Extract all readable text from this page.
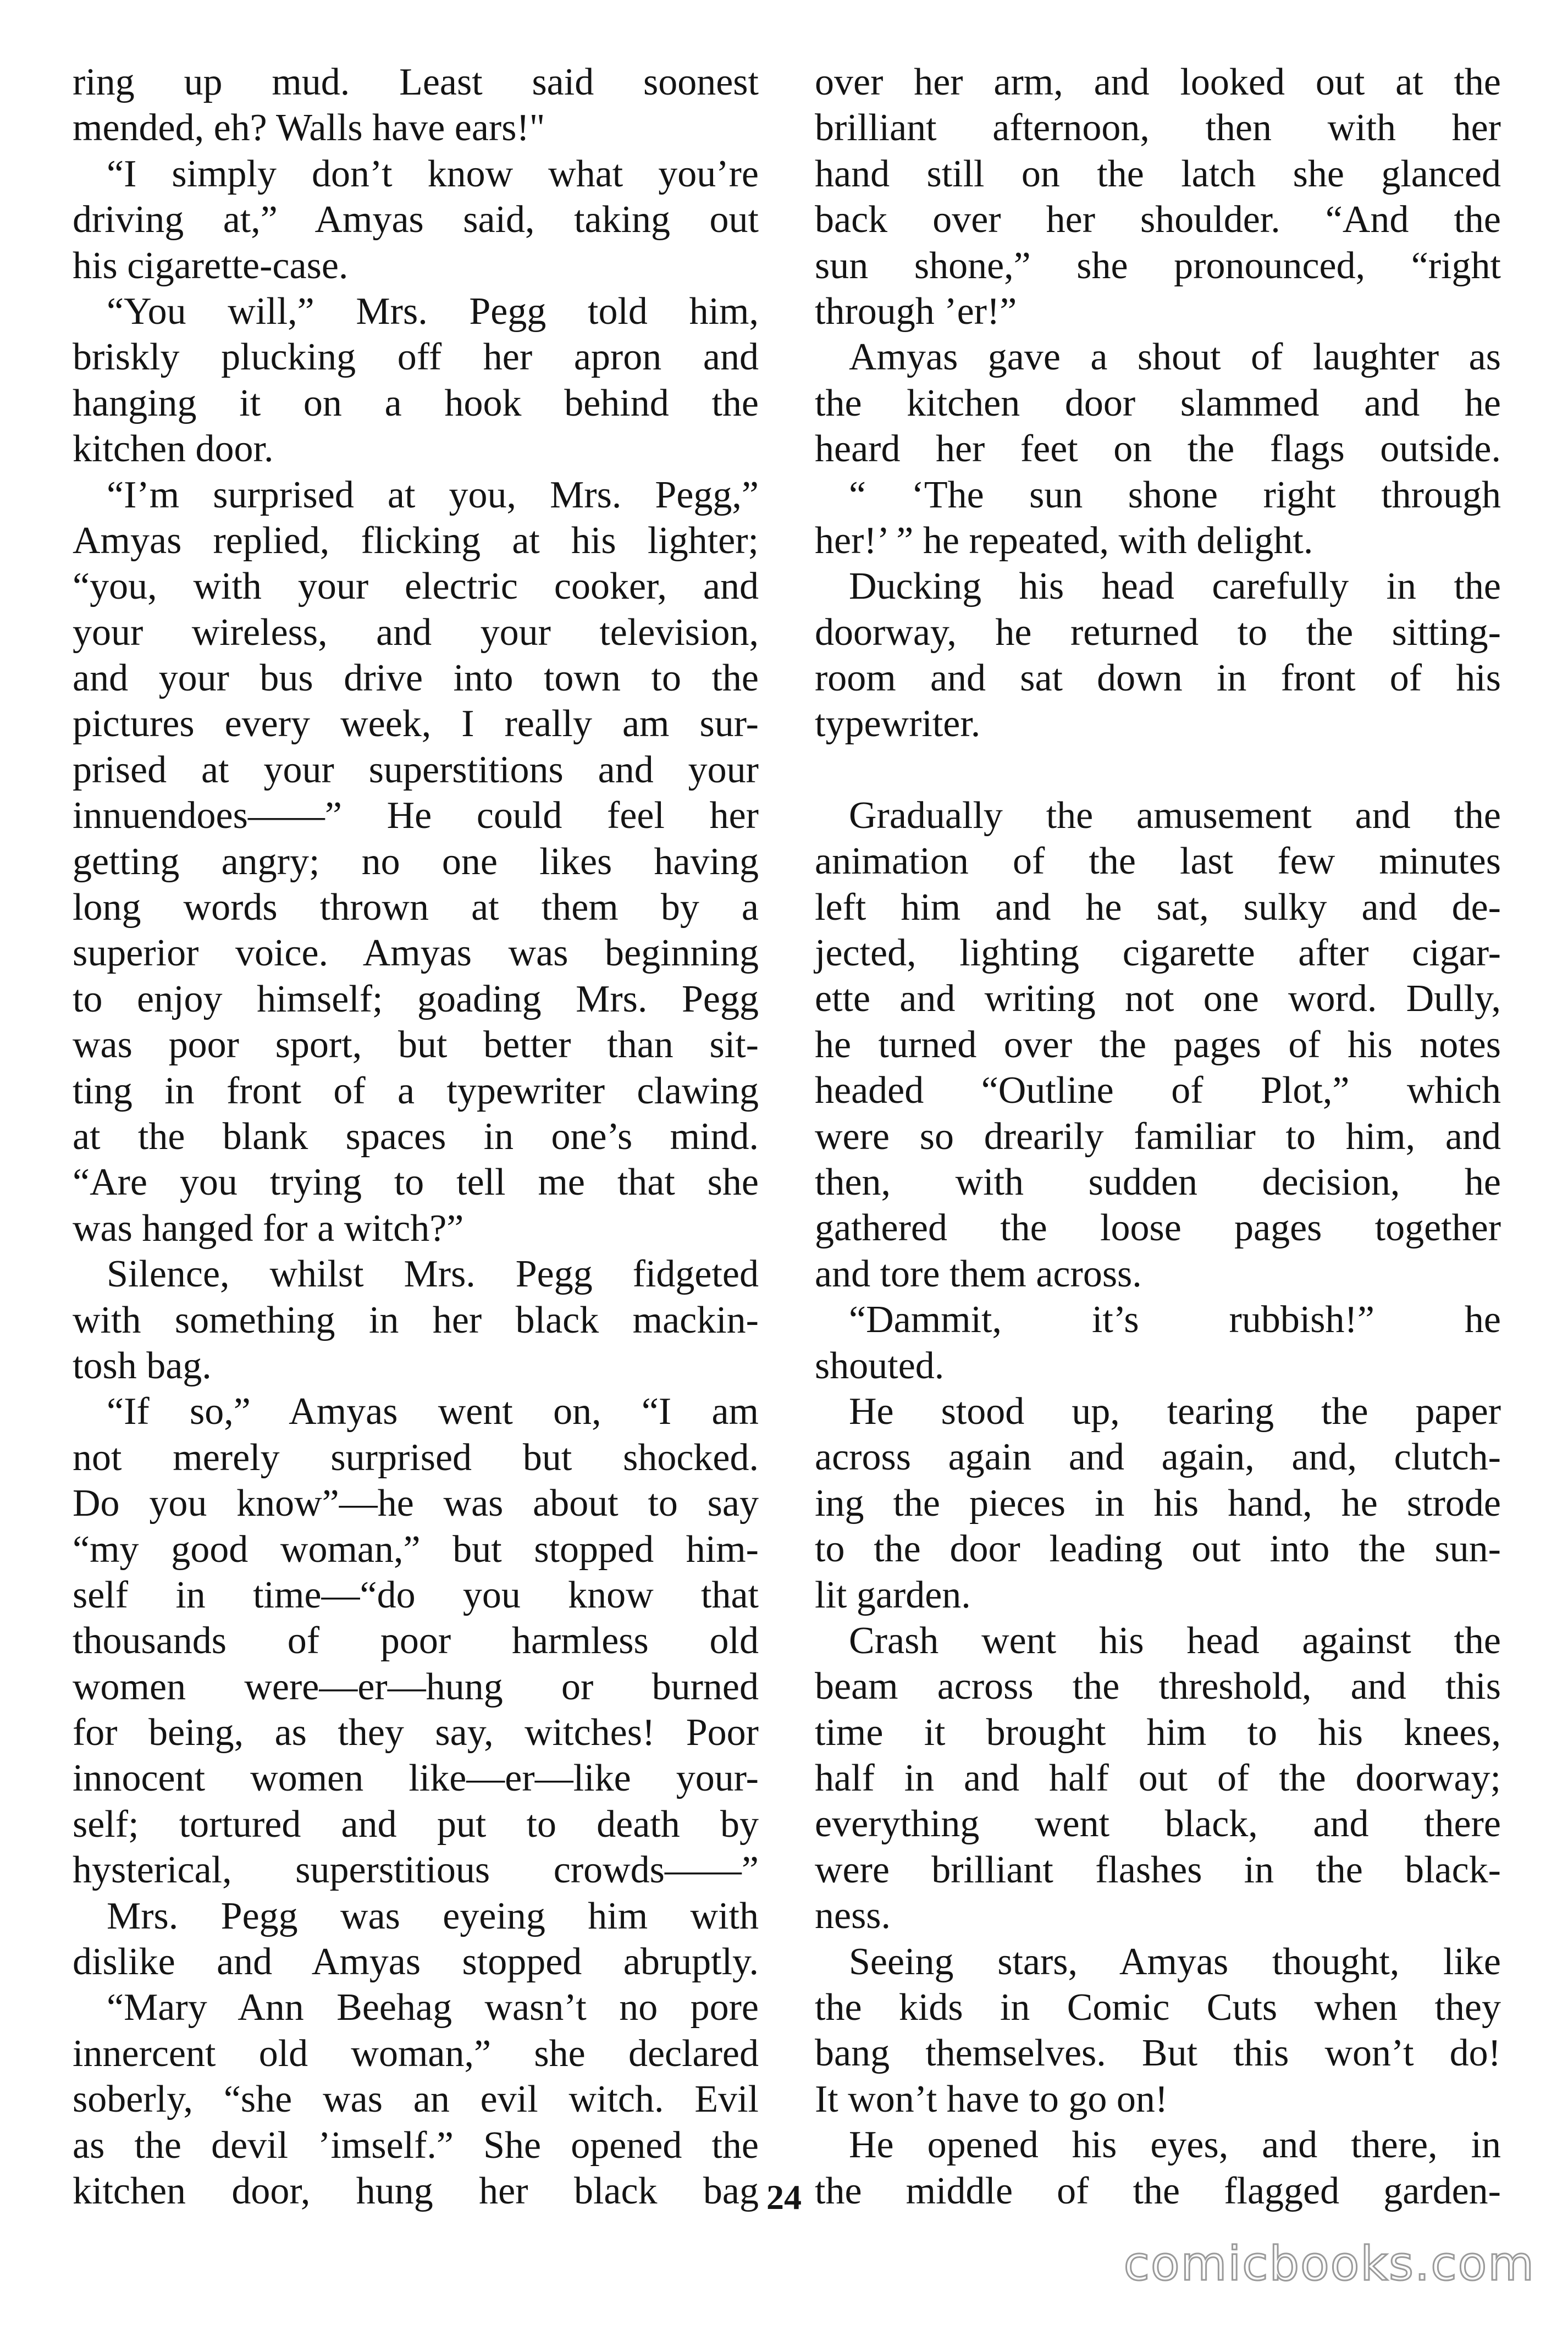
ring up mud. Least said soonest
mended, eh? Walls have ears!"
“I simply don’t know what you’re
driving at,” Amyas said, taking out
his cigarette-case.
“You will,” Mrs. Pegg told him,
briskly plucking off her apron and
hanging it on a hook behind the
kitchen door.
“I’m surprised at you, Mrs. Pegg,”
Amyas replied, flicking at his lighter;
“you, with your electric cooker, and
your wireless, and your television,
and your bus drive into town to the
pictures every week, I really am sur-
prised at your superstitions and your
innuendoes——” He could feel her
getting angry; no one likes having
long words thrown at them by a
superior voice. Amyas was beginning
to enjoy himself; goading Mrs. Pegg
was poor sport, but better than sit-
ting in front of a typewriter clawing
at the blank spaces in one’s mind.
“Are you trying to tell me that she
was hanged for a witch?”
Silence, whilst Mrs. Pegg fidgeted
with something in her black mackin-
tosh bag.
“If so,” Amyas went on, “I am
not merely surprised but shocked.
Do you know”—he was about to say
“my good woman,” but stopped him-
self in time—“do you know that
thousands of poor harmless old
women were—er—hung or burned
for being, as they say, witches! Poor
innocent women like—er—like your-
self; tortured and put to death by
hysterical, superstitious crowds——”
Mrs. Pegg was eyeing him with
dislike and Amyas stopped abruptly.
“Mary Ann Beehag wasn’t no pore
innercent old woman,” she declared
soberly, “she was an evil witch. Evil
as the devil ’imself.” She opened the
kitchen door, hung her black bag
over her arm, and looked out at the
brilliant afternoon, then with her
hand still on the latch she glanced
back over her shoulder. “And the
sun shone,” she pronounced, “right
through ’er!”
Amyas gave a shout of laughter as
the kitchen door slammed and he
heard her feet on the flags outside.
“ ‘The sun shone right through
her!’ ” he repeated, with delight.
Ducking his head carefully in the
doorway, he returned to the sitting-
room and sat down in front of his
typewriter.
Gradually the amusement and the
animation of the last few minutes
left him and he sat, sulky and de-
jected, lighting cigarette after cigar-
ette and writing not one word. Dully,
he turned over the pages of his notes
headed “Outline of Plot,” which
were so drearily familiar to him, and
then, with sudden decision, he
gathered the loose pages together
and tore them across.
“Dammit, it’s rubbish!” he
shouted.
He stood up, tearing the paper
across again and again, and, clutch-
ing the pieces in his hand, he strode
to the door leading out into the sun-
lit garden.
Crash went his head against the
beam across the threshold, and this
time it brought him to his knees,
half in and half out of the doorway;
everything went black, and there
were brilliant flashes in the black-
ness.
Seeing stars, Amyas thought, like
the kids in Comic Cuts when they
bang themselves. But this won’t do!
It won’t have to go on!
He opened his eyes, and there, in
the middle of the flagged garden-
24
comicbooks.com
